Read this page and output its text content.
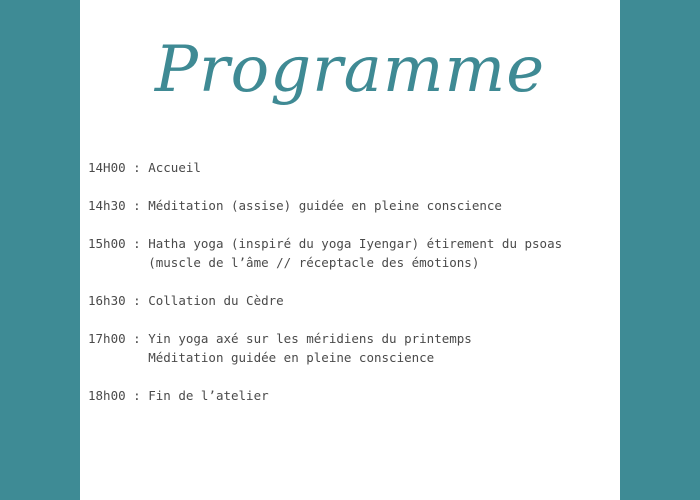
Programme
14H00 : Accueil
14h30 : Méditation (assise) guidée en pleine conscience
15h00 : Hatha yoga (inspiré du yoga Iyengar) étirement du psoas
(muscle de l’âme // réceptacle des émotions)
16h30 : Collation du Cèdre
17h00 : Yin yoga axé sur les méridiens du printemps
Méditation guidée en pleine conscience
18h00 : Fin de l’atelier
